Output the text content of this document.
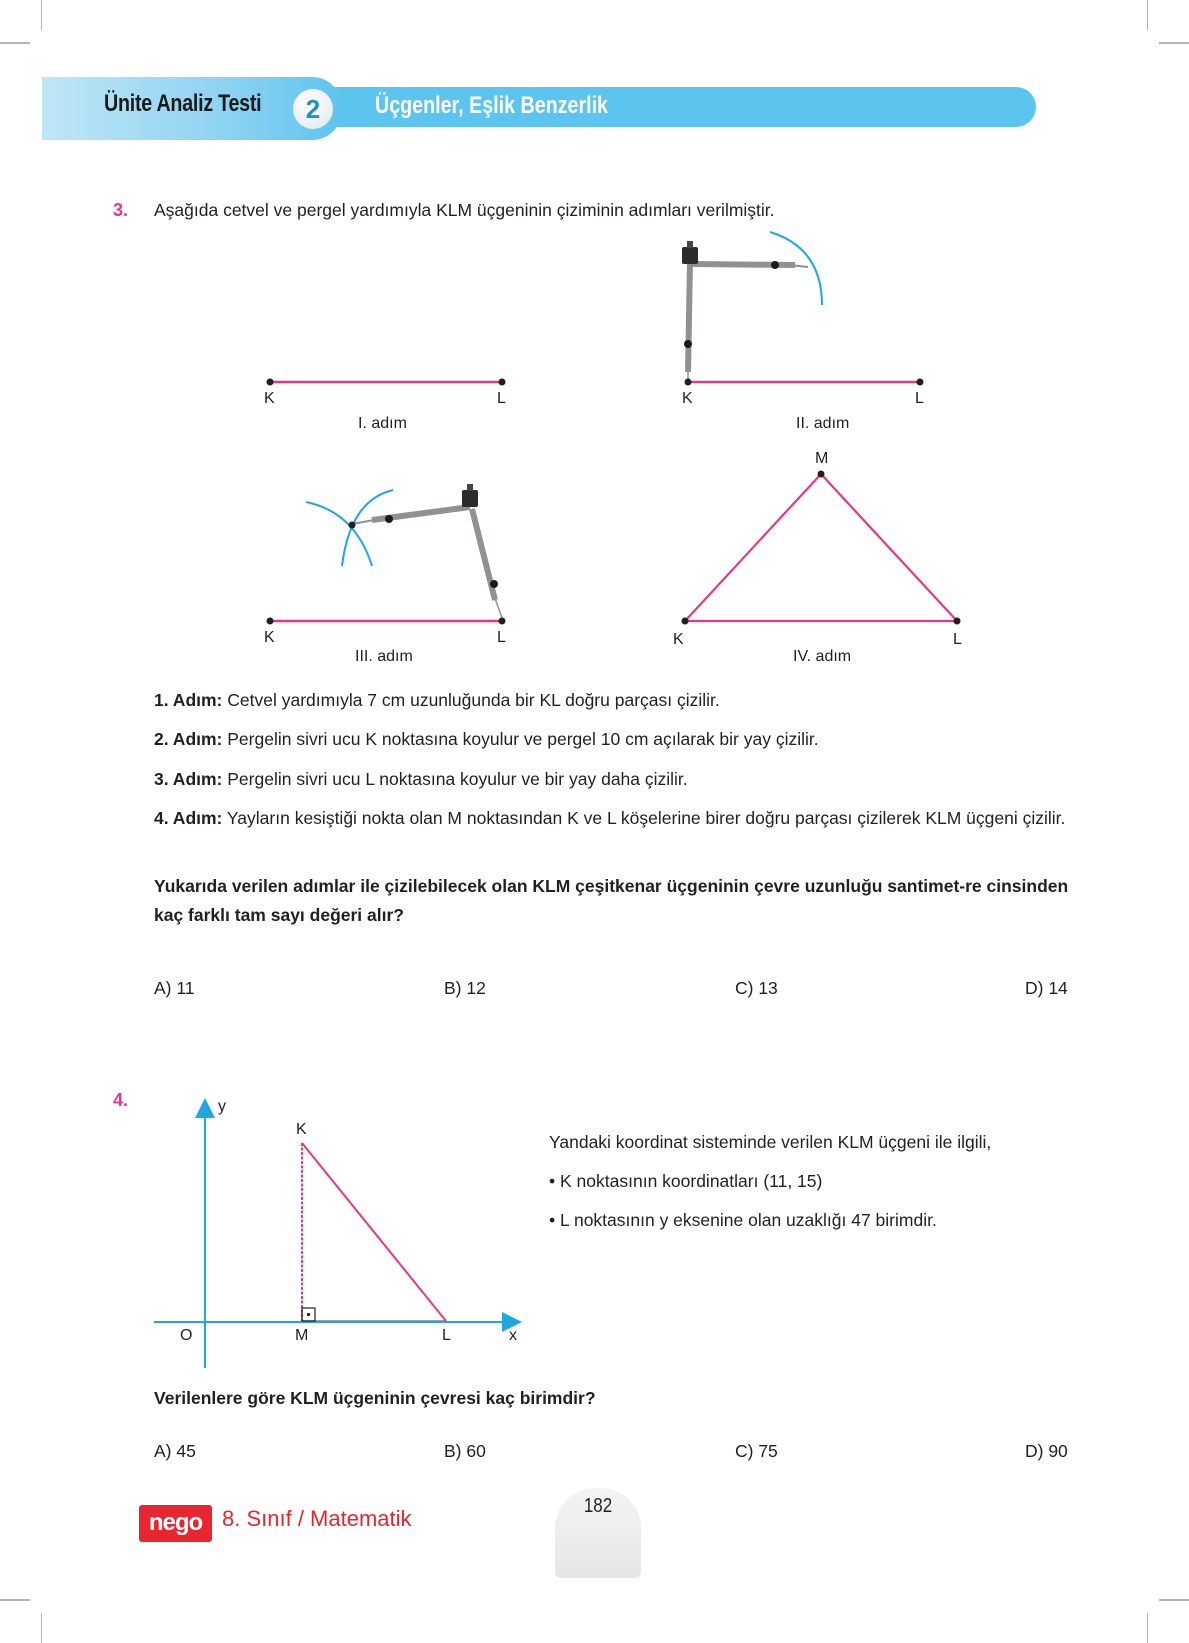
Ünite Analiz Testi	2	Üçgenler, Eşlik Benzerlik
3. Aşağıda cetvel ve pergel yardımıyla KLM üçgeninin çiziminin adımları verilmiştir.
K	L
I. adım
K	L
II. adım
K	L
III. adım
M
K	L
IV. adım
1. Adım: Cetvel yardımıyla 7 cm uzunluğunda bir KL doğru parçası çizilir.
2. Adım: Pergelin sivri ucu K noktasına koyulur ve pergel 10 cm açılarak bir yay çizilir.
3. Adım: Pergelin sivri ucu L noktasına koyulur ve bir yay daha çizilir.
4. Adım: Yayların kesiştiği nokta olan M noktasından K ve L köşelerine birer doğru parçası çizilerek KLM üçgeni çizilir.
Yukarıda verilen adımlar ile çizilebilecek olan KLM çeşitkenar üçgeninin çevre uzunluğu santimet-re cinsinden kaç farklı tam sayı değeri alır?
A) 11	B) 12	C) 13	D) 14
4.	y
x
O
K
M	L
Yandaki koordinat sisteminde verilen KLM üçgeni ile ilgili,
• K noktasının koordinatları (11, 15)
• L noktasının y eksenine olan uzaklığı 47 birimdir.
Verilenlere göre KLM üçgeninin çevresi kaç birimdir?
A) 45	B) 60	C) 75	D) 90
nego 8. Sınıf / Matematik	182
